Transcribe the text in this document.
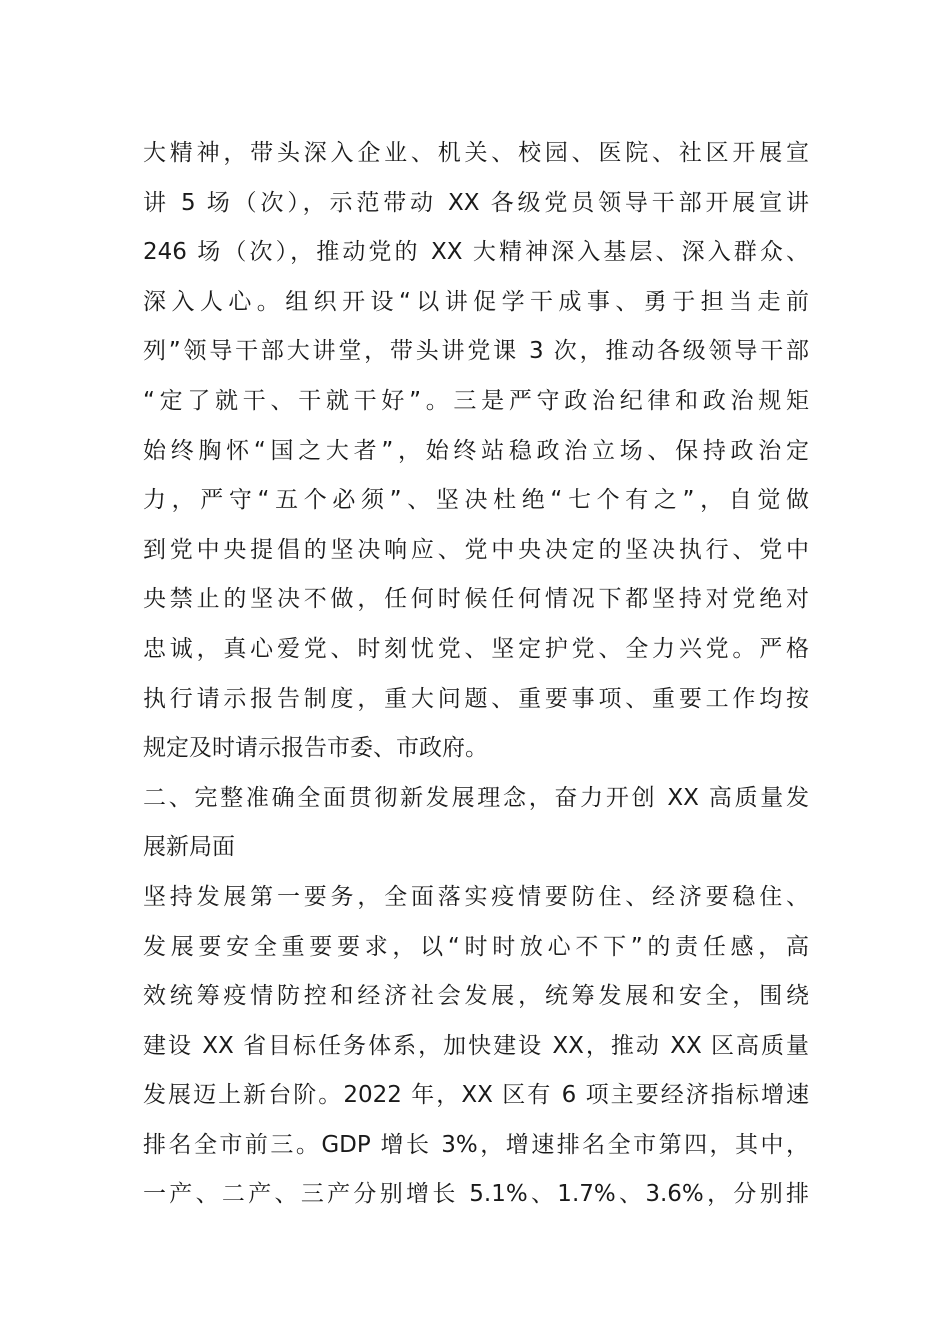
大精神，带头深入企业、机关、校园、医院、社区开展宣
讲 5 场（次），示范带动 XX 各级党员领导干部开展宣讲
246 场（次），推动党的 XX 大精神深入基层、深入群众、
深入人心。组织开设“以讲促学干成事、勇于担当走前
列”领导干部大讲堂，带头讲党课 3 次，推动各级领导干部
“定了就干、干就干好”。三是严守政治纪律和政治规矩
始终胸怀“国之大者”，始终站稳政治立场、保持政治定
力，严守“五个必须”、坚决杜绝“七个有之”，自觉做
到党中央提倡的坚决响应、党中央决定的坚决执行、党中
央禁止的坚决不做，任何时候任何情况下都坚持对党绝对
忠诚，真心爱党、时刻忧党、坚定护党、全力兴党。严格
执行请示报告制度，重大问题、重要事项、重要工作均按
规定及时请示报告市委、市政府。
二、完整准确全面贯彻新发展理念，奋力开创 XX 高质量发
展新局面
坚持发展第一要务，全面落实疫情要防住、经济要稳住、
发展要安全重要要求，以“时时放心不下”的责任感，高
效统筹疫情防控和经济社会发展，统筹发展和安全，围绕
建设 XX 省目标任务体系，加快建设 XX，推动 XX 区高质量
发展迈上新台阶。2022 年，XX 区有 6 项主要经济指标增速
排名全市前三。GDP 增长 3%，增速排名全市第四，其中，
一产、二产、三产分别增长 5.1%、1.7%、3.6%，分别排
